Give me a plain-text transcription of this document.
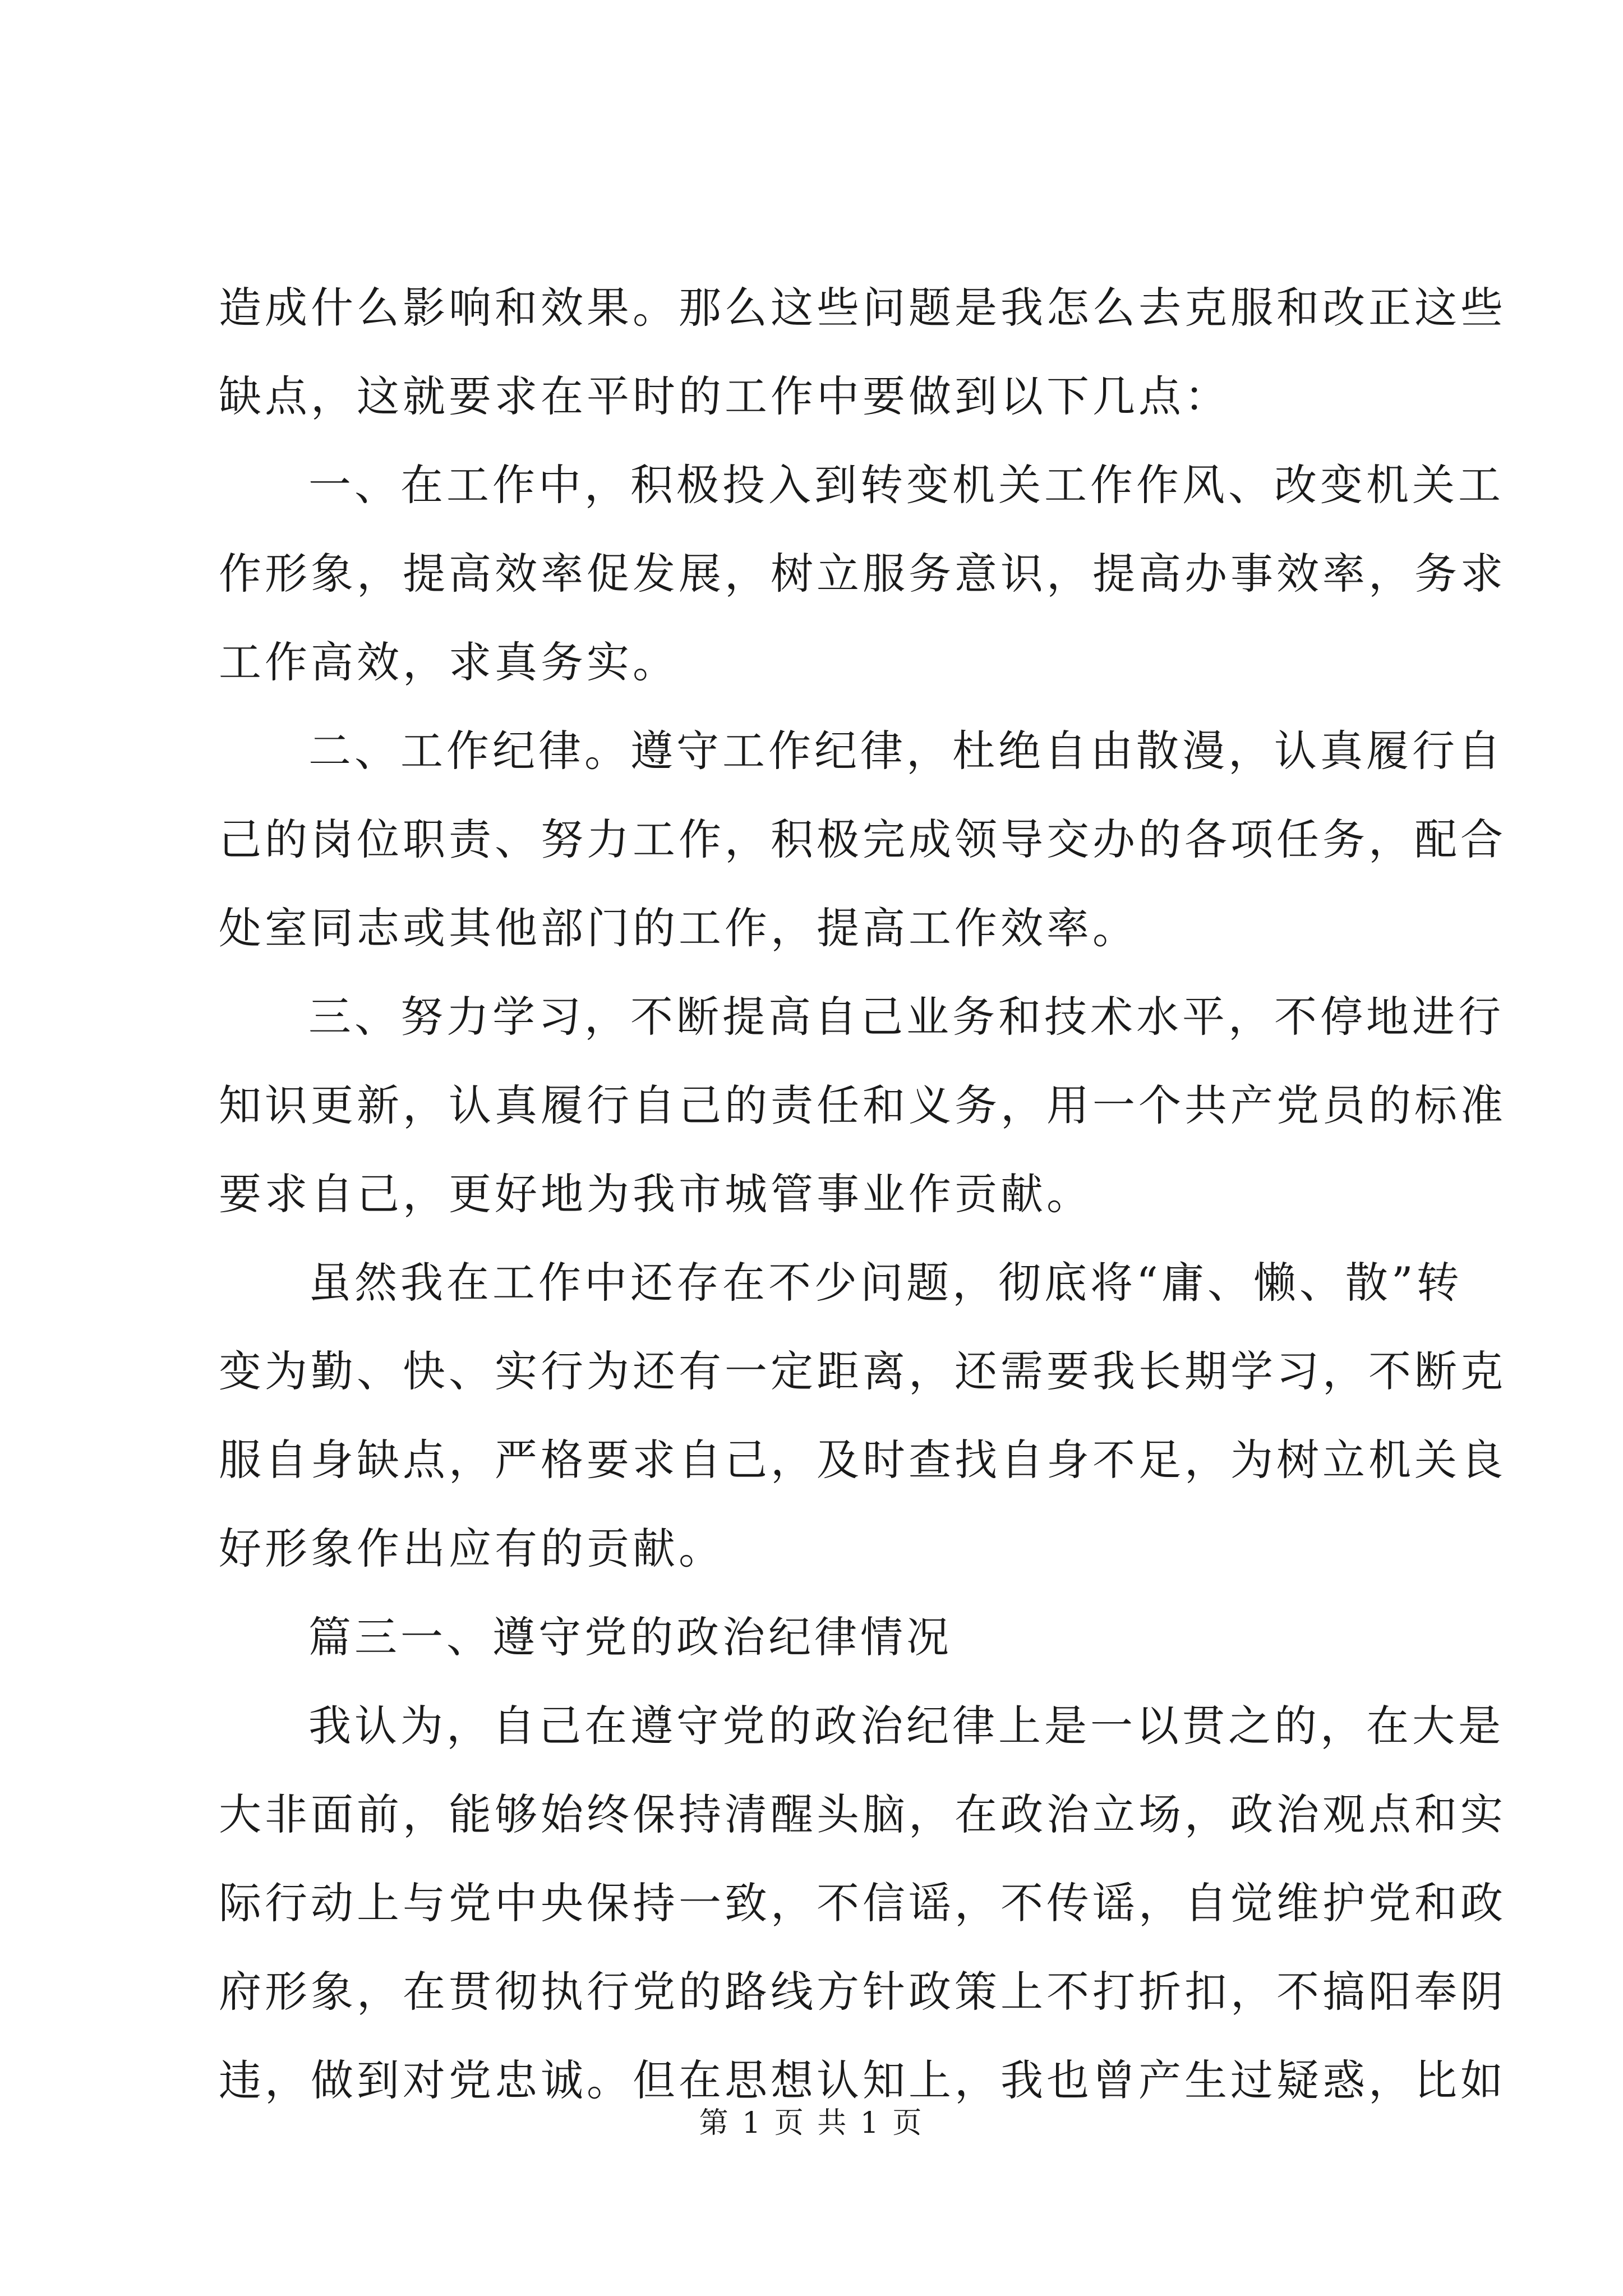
造成什么影响和效果。那么这些问题是我怎么去克服和改正这些
缺点，这就要求在平时的工作中要做到以下几点：
一、在工作中，积极投入到转变机关工作作风、改变机关工
作形象，提高效率促发展，树立服务意识，提高办事效率，务求
工作高效，求真务实。
二、工作纪律。遵守工作纪律，杜绝自由散漫，认真履行自
己的岗位职责、努力工作，积极完成领导交办的各项任务，配合
处室同志或其他部门的工作，提高工作效率。
三、努力学习，不断提高自己业务和技术水平，不停地进行
知识更新，认真履行自己的责任和义务，用一个共产党员的标准
要求自己，更好地为我市城管事业作贡献。
虽然我在工作中还存在不少问题，彻底将“庸、懒、散”转
变为勤、快、实行为还有一定距离，还需要我长期学习，不断克
服自身缺点，严格要求自己，及时查找自身不足，为树立机关良
好形象作出应有的贡献。
篇三一、遵守党的政治纪律情况
我认为，自己在遵守党的政治纪律上是一以贯之的，在大是
大非面前，能够始终保持清醒头脑，在政治立场，政治观点和实
际行动上与党中央保持一致，不信谣，不传谣，自觉维护党和政
府形象，在贯彻执行党的路线方针政策上不打折扣，不搞阳奉阴
违，做到对党忠诚。但在思想认知上，我也曾产生过疑惑，比如
第 1 页 共 1 页
